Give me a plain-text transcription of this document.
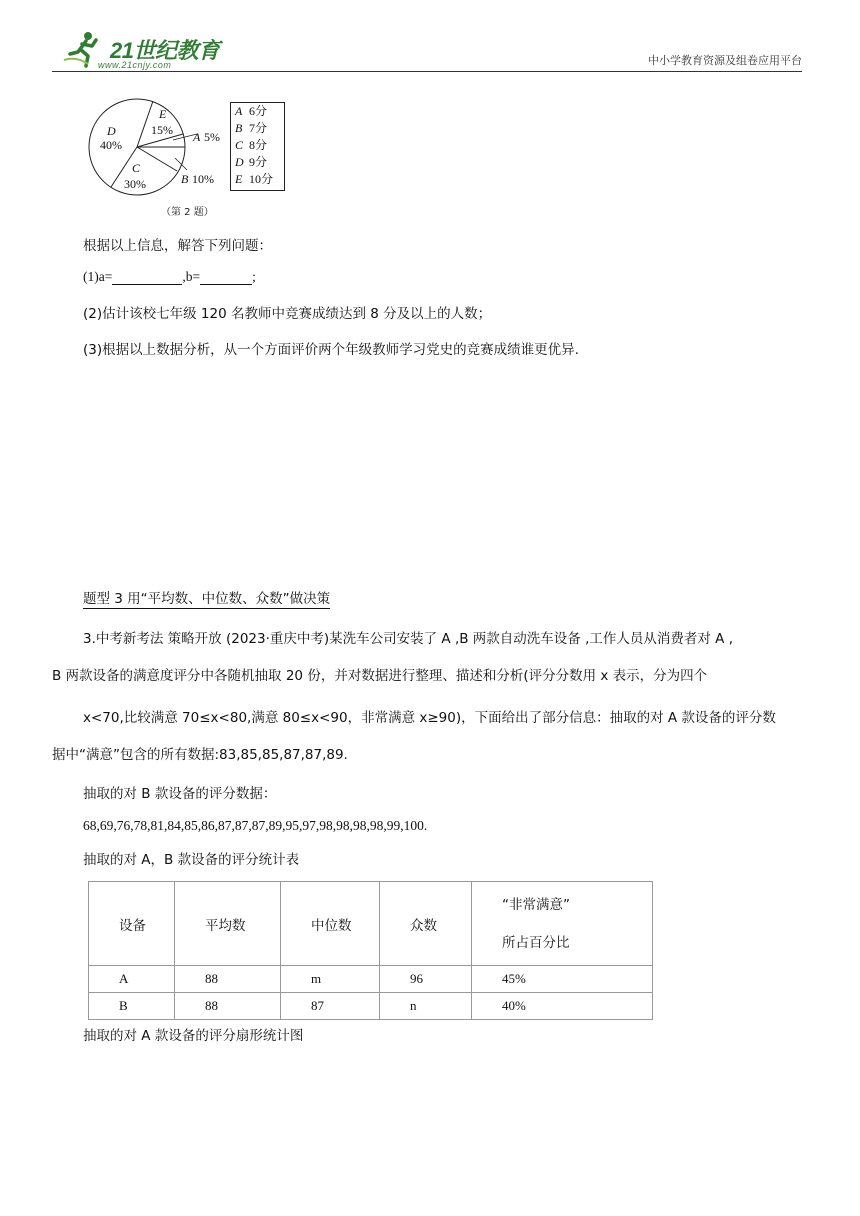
21世纪教育
www.21cnjy.com	中小学教育资源及组卷应用平台
D
40%
E
15% A 5%
B 10%
C
30%
A 6分
B 7分
C 8分
D 9分
E 10分
（第 2 题）
根据以上信息，解答下列问题：
(1)a=	,b=	;
(2)估计该校七年级 120 名教师中竞赛成绩达到 8 分及以上的人数；
(3)根据以上数据分析，从一个方面评价两个年级教师学习党史的竞赛成绩谁更优异.
题型 3 用“平均数、中位数、众数”做决策
3.中考新考法 策略开放 (2023·重庆中考)某洗车公司安装了 A ,B 两款自动洗车设备 ,工作人员从消费者对 A ,
B 两款设备的满意度评分中各随机抽取 20 份，并对数据进行整理、描述和分析(评分分数用 x 表示，分为四个
x<70,比较满意 70≤x<80,满意 80≤x<90，非常满意 x≥90)，下面给出了部分信息：抽取的对 A 款设备的评分数
据中“满意”包含的所有数据:83,85,85,87,87,89.
抽取的对 B 款设备的评分数据：
68,69,76,78,81,84,85,86,87,87,87,89,95,97,98,98,98,98,99,100.
抽取的对 A，B 款设备的评分统计表
设备	平均数	中位数	众数	“非常满意”
所占百分比

A	88	m	96	45%
B	88	87	n	40%
抽取的对 A 款设备的评分扇形统计图
